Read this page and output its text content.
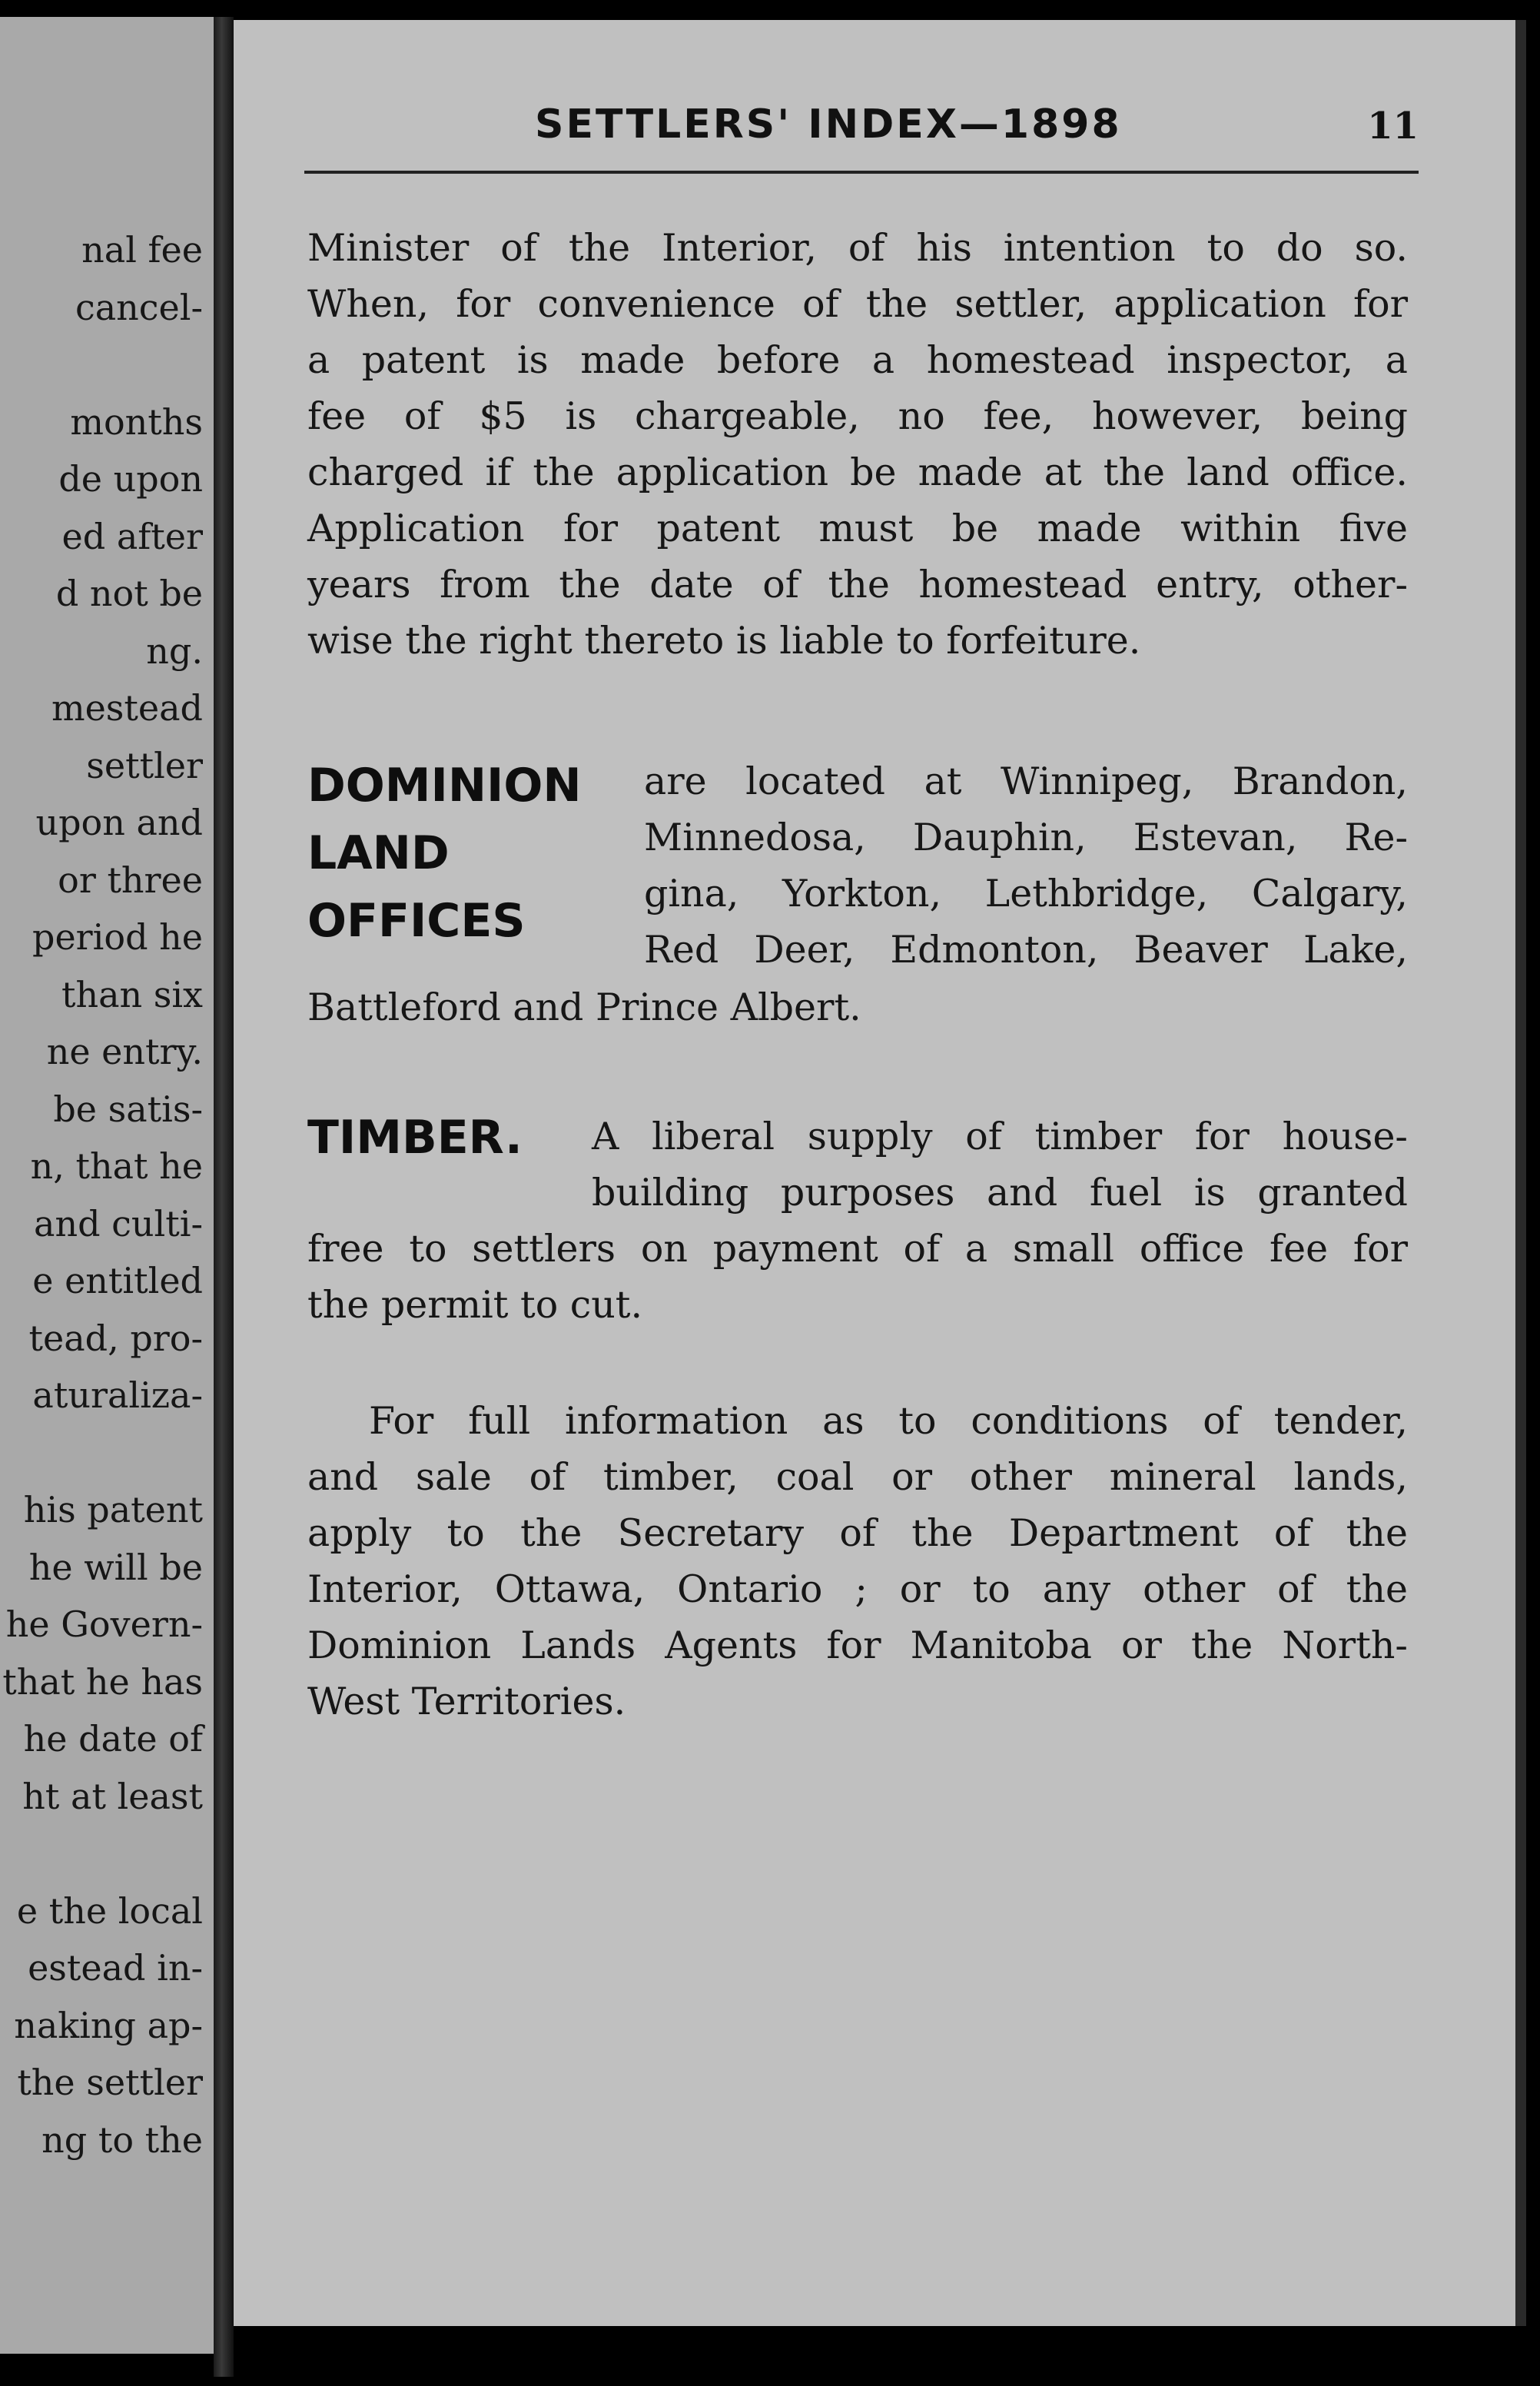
nal fee
cancel-
months
de upon
ed after
d not be
ng.
mestead
settler
upon and
or three
period he
than six
ne entry.
be satis-
n, that he
and culti-
e entitled
tead, pro-
aturaliza-
his patent
he will be
he Govern-
that he has
he date of
ht at least
e the local
estead in-
naking ap-
the settler
ng to the
SETTLERS' INDEX—1898	11
Minister of the Interior, of his intention to do so.
When, for convenience of the settler, application for
a patent is made before a homestead inspector, a
fee of $5 is chargeable, no fee, however, being
charged if the application be made at the land office.
Application for patent must be made within five
years from the date of the homestead entry, other-
wise the right thereto is liable to forfeiture.
DOMINION
LAND
OFFICES
are located at Winnipeg, Brandon,
Minnedosa, Dauphin, Estevan, Re-
gina, Yorkton, Lethbridge, Calgary,
Red Deer, Edmonton, Beaver Lake,
Battleford and Prince Albert.
TIMBER. A liberal supply of timber for house-
building purposes and fuel is granted
free to settlers on payment of a small office fee for
the permit to cut.
For full information as to conditions of tender,
and sale of timber, coal or other mineral lands,
apply to the Secretary of the Department of the
Interior, Ottawa, Ontario ; or to any other of the
Dominion Lands Agents for Manitoba or the North-
West Territories.
